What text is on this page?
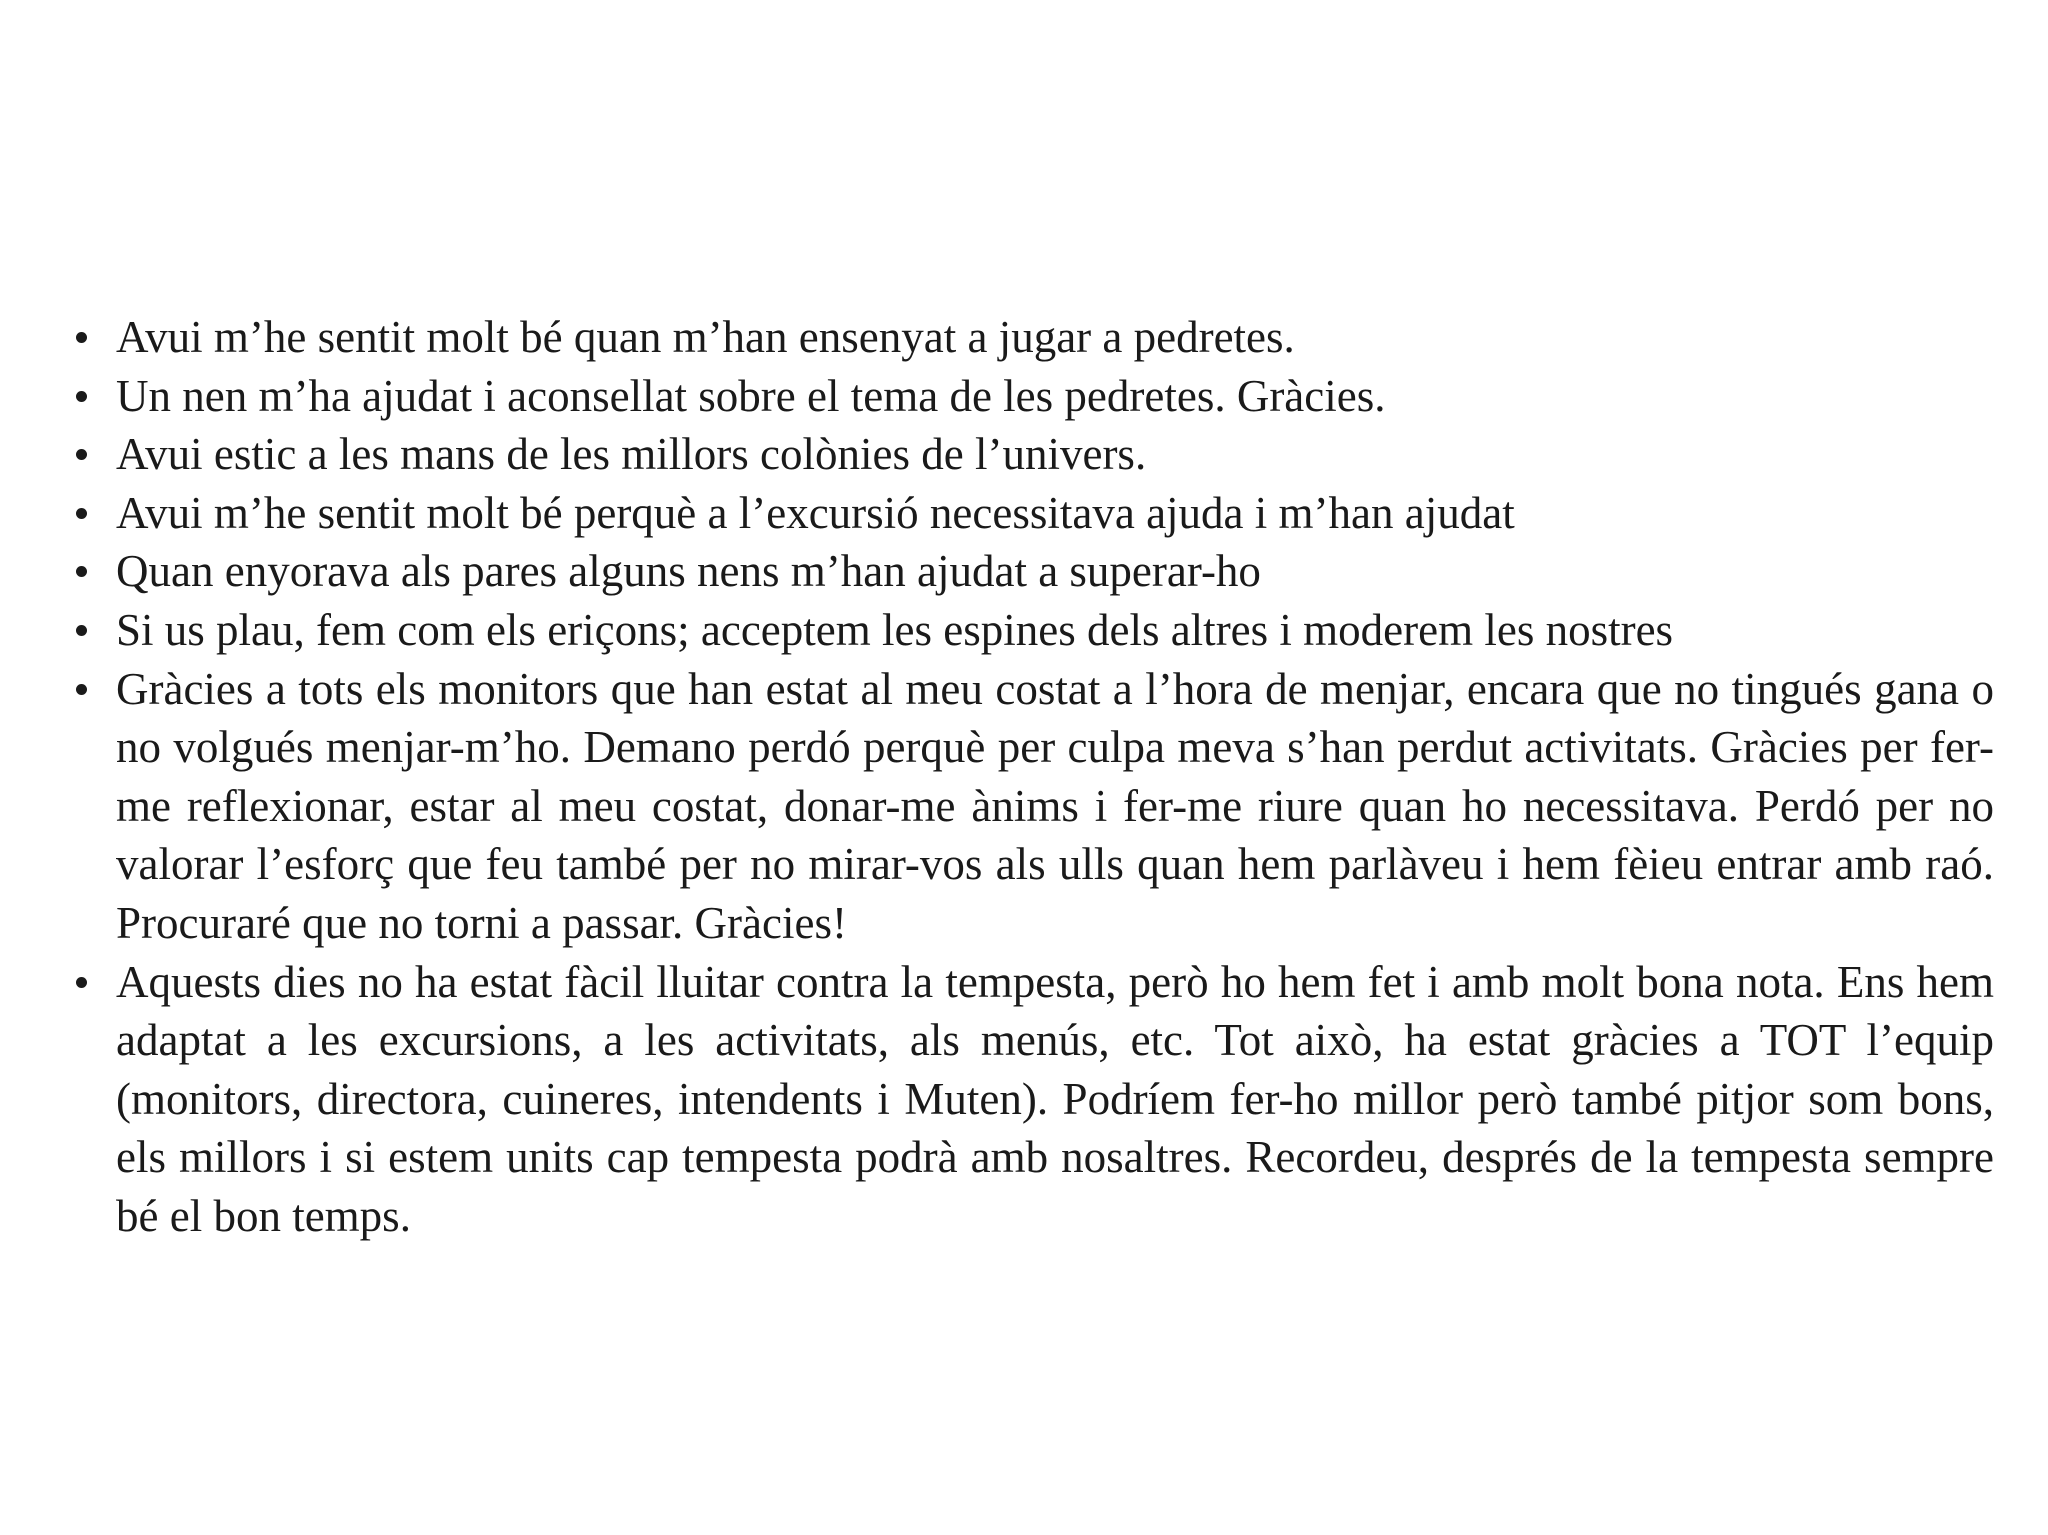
Avui m’he sentit molt bé quan m’han ensenyat a jugar a pedretes.
Un nen m’ha ajudat i aconsellat sobre el tema de les pedretes. Gràcies.
Avui estic a les mans de les millors colònies de l’univers.
Avui m’he sentit molt bé perquè a l’excursió necessitava ajuda i m’han ajudat
Quan enyorava als pares alguns nens m’han ajudat a superar-ho
Si us plau, fem com els eriçons; acceptem les espines dels altres i moderem les nostres
Gràcies a tots els monitors que han estat al meu costat a l’hora de menjar, encara que no tingués gana o no volgués menjar-m’ho. Demano perdó perquè per culpa meva s’han perdut activitats. Gràcies per fer-me reflexionar, estar al meu costat, donar-me ànims i fer-me riure quan ho necessitava. Perdó per no valorar l’esforç que feu també per no mirar-vos als ulls quan hem parlàveu i hem fèieu entrar amb raó. Procuraré que no torni a passar. Gràcies!
Aquests dies no ha estat fàcil lluitar contra la tempesta, però ho hem fet i amb molt bona nota. Ens hem adaptat a les excursions, a les activitats, als menús, etc. Tot això, ha estat gràcies a TOT l’equip (monitors, directora, cuineres, intendents i Muten). Podríem fer-ho millor però també pitjor som bons, els millors i si estem units cap tempesta podrà amb nosaltres. Recordeu, després de la tempesta sempre bé el bon temps.
